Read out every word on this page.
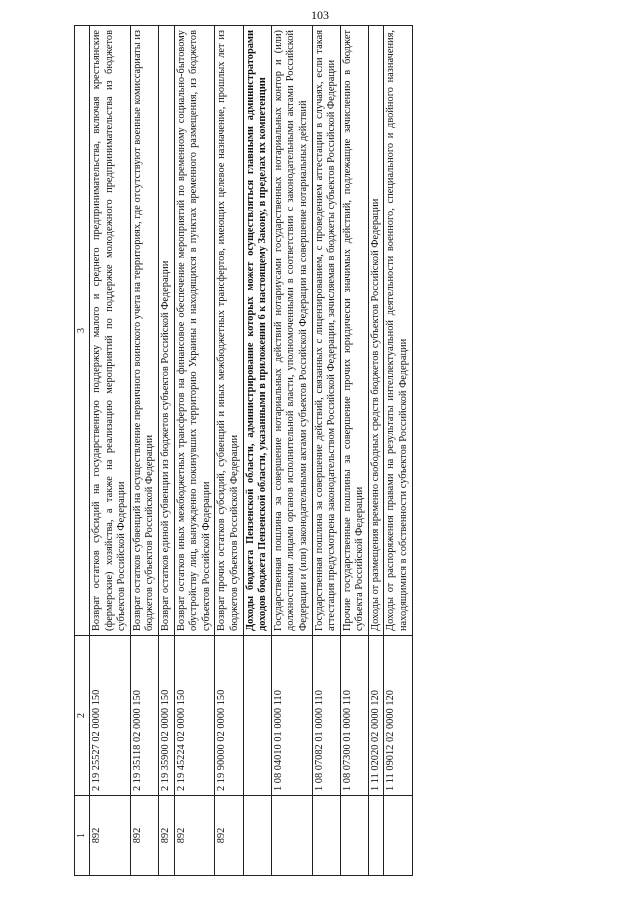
103
1	2	3
892	2 19 25527 02 0000 150	Возврат остатков субсидий на государственную поддержку малого и среднего предпринимательства, включая крестьянские (фермерские) хозяйства, а также на реализацию мероприятий по поддержке молодежного предпринимательства из бюджетов субъектов Российской Федерации
892	2 19 35118 02 0000 150	Возврат остатков субвенций на осуществление первичного воинского учета на территориях, где отсутствуют военные комиссариаты из бюджетов субъектов Российской Федерации
892	2 19 35900 02 0000 150	Возврат остатков единой субвенции из бюджетов субъектов Российской Федерации
892	2 19 45224 02 0000 150	Возврат остатков иных межбюджетных трансфертов на финансовое обеспечение мероприятий по временному социально-бытовому обустройству лиц, вынужденно покинувших территорию Украины и находящихся в пунктах временного размещения, из бюджетов субъектов Российской Федерации
892	2 19 90000 02 0000 150	Возврат прочих остатков субсидий, субвенций и иных межбюджетных трансфертов, имеющих целевое назначение, прошлых лет из бюджетов субъектов Российской Федерации
		Доходы бюджета Пензенской области, администрирование которых может осуществляться главными администраторами доходов бюджета Пензенской области, указанными в приложении 6 к настоящему Закону, в пределах их компетенции
	1 08 04010 01 0000 110	Государственная пошлина за совершение нотариальных действий нотариусами государственных нотариальных контор и (или) должностными лицами органов исполнительной власти, уполномоченными в соответствии с законодательными актами Российской Федерации и (или) законодательными актами субъектов Российской Федерации на совершение нотариальных действий
	1 08 07082 01 0000 110	Государственная пошлина за совершение действий, связанных с лицензированием, с проведением аттестации в случаях, если такая аттестация предусмотрена законодательством Российской Федерации, зачисляемая в бюджеты субъектов Российской Федерации
	1 08 07300 01 0000 110	Прочие государственные пошлины за совершение прочих юридически значимых действий, подлежащие зачислению в бюджет субъекта Российской Федерации
	1 11 02020 02 0000 120	Доходы от размещения временно свободных средств бюджетов субъектов Российской Федерации
	1 11 09012 02 0000 120	Доходы от распоряжения правами на результаты интеллектуальной деятельности военного, специального и двойного назначения, находящимися в собственности субъектов Российской Федерации
